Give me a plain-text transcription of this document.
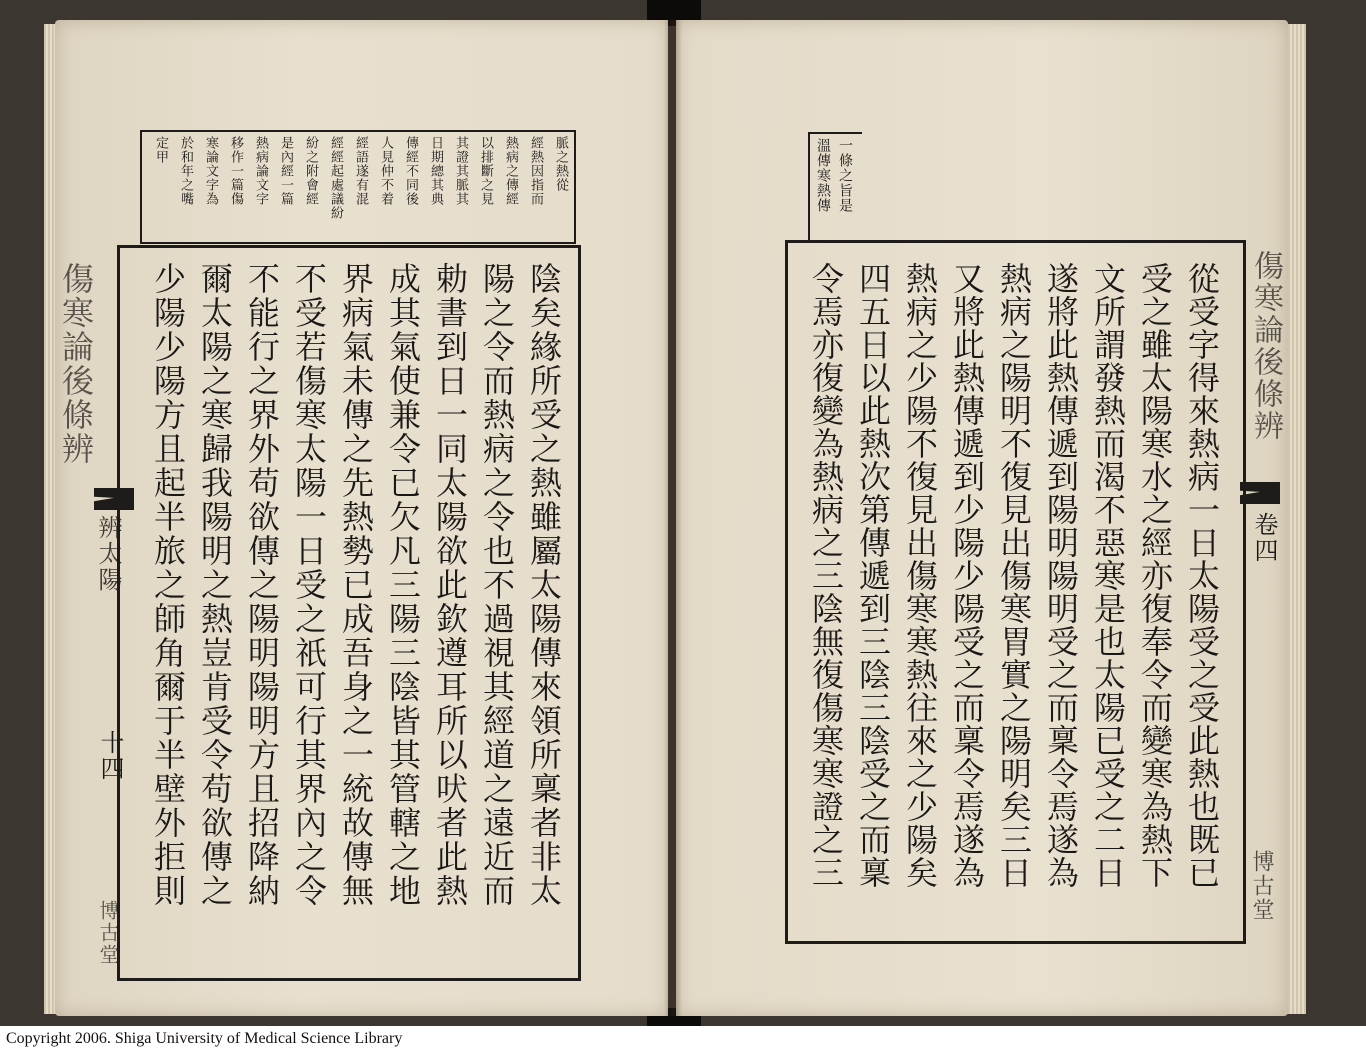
傷寒論後條辨
辨太陽
十四
博古堂
傷寒論後條辨
卷四
博古堂
陰矣緣所受之熱雖屬太陽傳來領所稟者非太
陽之令而熱病之令也不過視其經道之遠近而
勅書到日一同太陽欲此欽遵耳所以吠者此熱
成其氣使兼令已欠凡三陽三陰皆其管轄之地
界病氣未傳之先熱勢已成吾身之一統故傳無
不受若傷寒太陽一日受之祇可行其界內之令
不能行之界外苟欲傳之陽明陽明方且招降納
爾太陽之寒歸我陽明之熱豈肯受令苟欲傳之
少陽少陽方且起半旅之師角爾于半壁外拒則
脈之熱從
經熱因指而
熱病之傳經
以排斷之見
其證其脈其
日期總其典
傳經不同後
人見仲不着
經語遂有混
經經起處議紛
紛之附會經
是內經一篇
熱病論文字
移作一篇傷
寒論文字為
於和年之嘴
定甲
從受字得來熱病一日太陽受之受此熱也既已
受之雖太陽寒水之經亦復奉令而變寒為熱下
文所謂發熱而渴不惡寒是也太陽已受之二日
遂將此熱傳遞到陽明陽明受之而稟令焉遂為
熱病之陽明不復見出傷寒胃實之陽明矣三日
又將此熱傳遞到少陽少陽受之而稟令焉遂為
熱病之少陽不復見出傷寒寒熱往來之少陽矣
四五日以此熱次第傳遞到三陰三陰受之而稟
令焉亦復變為熱病之三陰無復傷寒寒證之三
一條之旨是
溫傳寒熱傳
Copyright 2006. Shiga University of Medical Science Library
